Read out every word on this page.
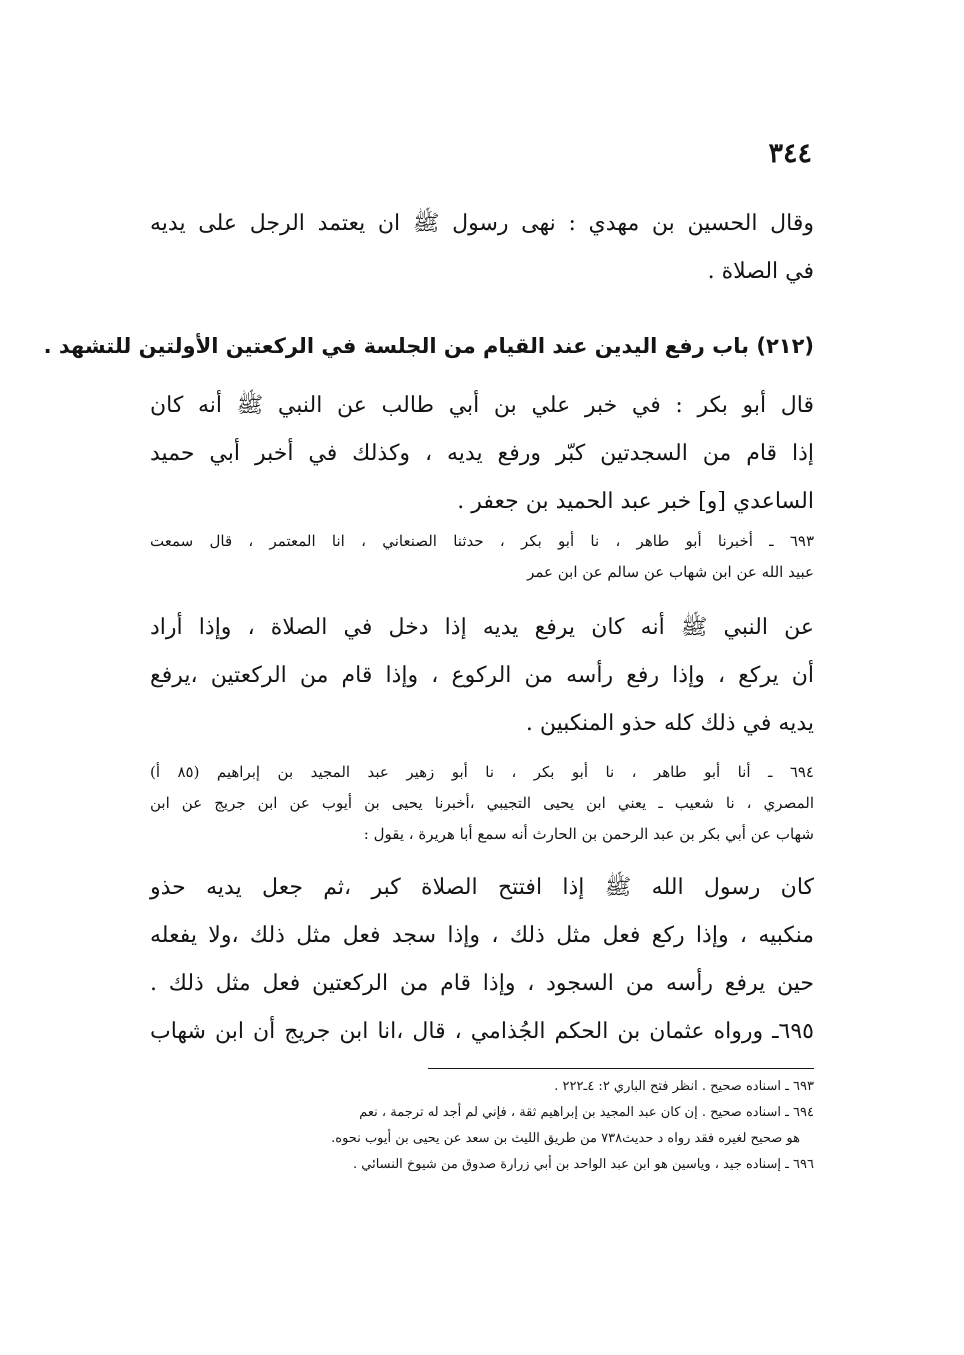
٣٤٤
وقال الحسين بن مهدي : نهى رسول ﷺ ان يعتمد الرجل على يديه
في الصلاة .
(٢١٢) باب رفع اليدين عند القيام من الجلسة في الركعتين الأولتين للتشهد .
قال أبو بكر : في خبر علي بن أبي طالب عن النبي ﷺ أنه كان
إذا قام من السجدتين كبّر ورفع يديه ، وكذلك في أخبر أبي حميد
الساعدي [و] خبر عبد الحميد بن جعفر .
٦٩٣ ـ أخبرنا أبو طاهر ، نا أبو بكر ، حدثنا الصنعاني ، انا المعتمر ، قال سمعت
عبيد الله عن ابن شهاب عن سالم عن ابن عمر
عن النبي ﷺ أنه كان يرفع يديه إذا دخل في الصلاة ، وإذا أراد
أن يركع ، وإذا رفع رأسه من الركوع ، وإذا قام من الركعتين ،يرفع
يديه في ذلك كله حذو المنكبين .
٦٩٤ ـ أنا أبو طاهر ، نا أبو بكر ، نا أبو زهير عبد المجيد بن إبراهيم (٨٥ أ)
المصري ، نا شعيب ـ يعني ابن يحيى التجيبي ،أخبرنا يحيى بن أيوب عن ابن جريج عن ابن
شهاب عن أبي بكر بن عبد الرحمن بن الحارث أنه سمع أبا هريرة ، يقول :
كان رسول الله ﷺ إذا افتتح الصلاة كبر ،ثم جعل يديه حذو
منكبيه ، وإذا ركع فعل مثل ذلك ، وإذا سجد فعل مثل ذلك ،ولا يفعله
حين يرفع رأسه من السجود ، وإذا قام من الركعتين فعل مثل ذلك .
٦٩٥ـ ورواه عثمان بن الحكم الجُذامي ، قال ،انا ابن جريج أن ابن شهاب
٦٩٣ ـ اسناده صحيح . انظر فتح الباري ٢: ٤ـ٢٢٢ .
٦٩٤ ـ اسناده صحيح . إن كان عبد المجيد بن إبراهيم ثقة ، فإني لم أجد له ترجمة ، نعم
هو صحيح لغيره فقد رواه د حديث٧٣٨ من طريق الليث بن سعد عن يحيى بن أيوب نحوه.
٦٩٦ ـ إسناده جيد ، وياسين هو ابن عبد الواحد بن أبي زرارة صدوق من شيوخ النسائي .
